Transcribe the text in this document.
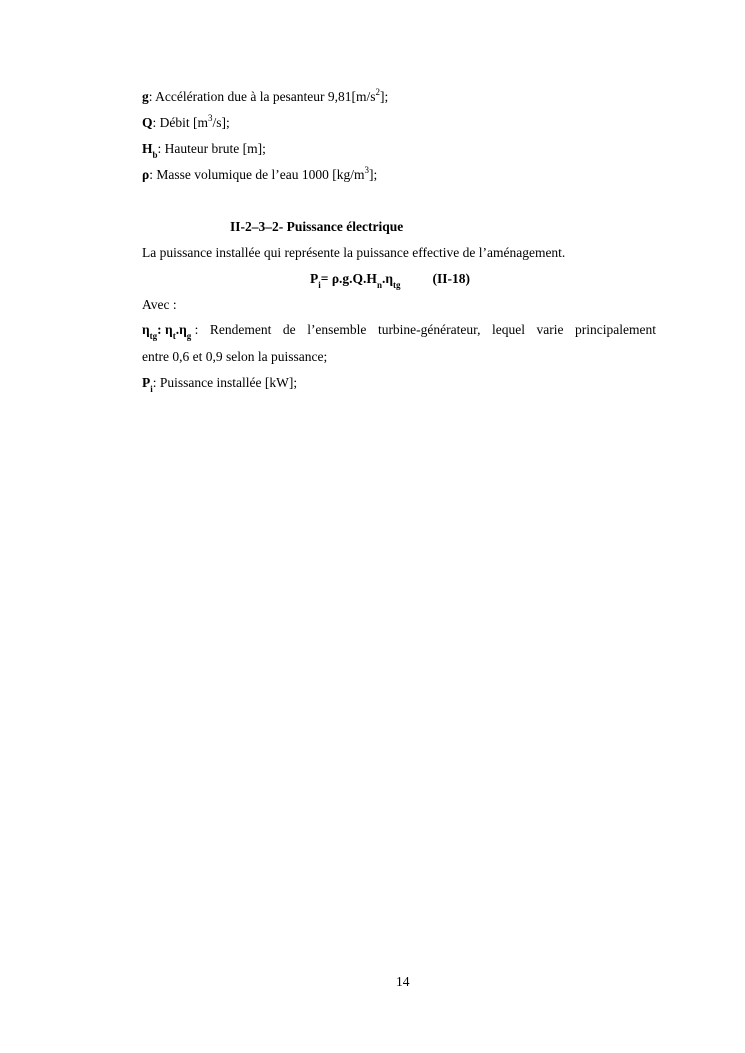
g: Accélération due à la pesanteur $9,81[m/s^2]$;
Q: Débit $[m^3/s]$;
$H_b$: Hauteur brute [m];
ρ: Masse volumique de l’eau 1000 $[kg/m^3]$;
II-2–3–2- Puissance électrique
La puissance installée qui représente la puissance effective de l’aménagement.
$P_i= \rho.g.Q.H_n.\eta_{tg}$ (II-18)
Avec :
$\eta_{tg}$: $\eta_t.\eta_g$ : Rendement de l’ensemble turbine-générateur, lequel varie principalement
entre 0,6 et 0,9 selon la puissance;
$P_i$: Puissance installée [kW];
14
